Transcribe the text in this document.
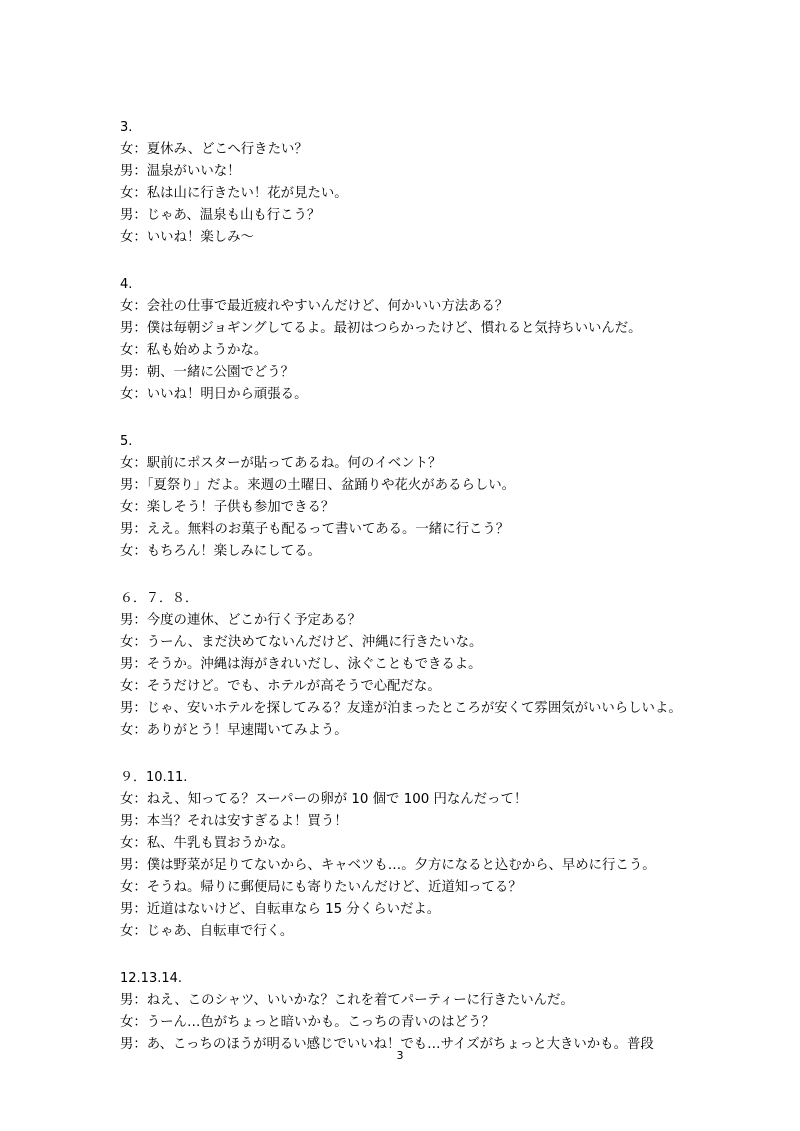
3.
女：夏休み、どこへ行きたい？
男：温泉がいいな！
女：私は山に行きたい！花が見たい。
男：じゃあ、温泉も山も行こう？
女：いいね！楽しみ～
4.
女：会社の仕事で最近疲れやすいんだけど、何かいい方法ある？
男：僕は毎朝ジョギングしてるよ。最初はつらかったけど、慣れると気持ちいいんだ。
女：私も始めようかな。
男：朝、一緒に公園でどう？
女：いいね！明日から頑張る。
5.
女：駅前にポスターが貼ってあるね。何のイベント？
男：「夏祭り」だよ。来週の土曜日、盆踊りや花火があるらしい。
女：楽しそう！子供も参加できる？
男：ええ。無料のお菓子も配るって書いてある。一緒に行こう？
女：もちろん！楽しみにしてる。
６．７．８．
男：今度の連休、どこか行く予定ある？
女：うーん、まだ決めてないんだけど、沖縄に行きたいな。
男：そうか。沖縄は海がきれいだし、泳ぐこともできるよ。
女：そうだけど。でも、ホテルが高そうで心配だな。
男：じゃ、安いホテルを探してみる？友達が泊まったところが安くて雰囲気がいいらしいよ。
女：ありがとう！早速聞いてみよう。
９．10.11.
女：ねえ、知ってる？スーパーの卵が 10 個で 100 円なんだって！
男：本当？それは安すぎるよ！買う！
女：私、牛乳も買おうかな。
男：僕は野菜が足りてないから、キャベツも…。夕方になると込むから、早めに行こう。
女：そうね。帰りに郵便局にも寄りたいんだけど、近道知ってる？
男：近道はないけど、自転車なら 15 分くらいだよ。
女：じゃあ、自転車で行く。
12.13.14.
男：ねえ、このシャツ、いいかな？これを着てパーティーに行きたいんだ。
女：うーん…色がちょっと暗いかも。こっちの青いのはどう？
男：あ、こっちのほうが明るい感じでいいね！でも…サイズがちょっと大きいかも。普段
3
